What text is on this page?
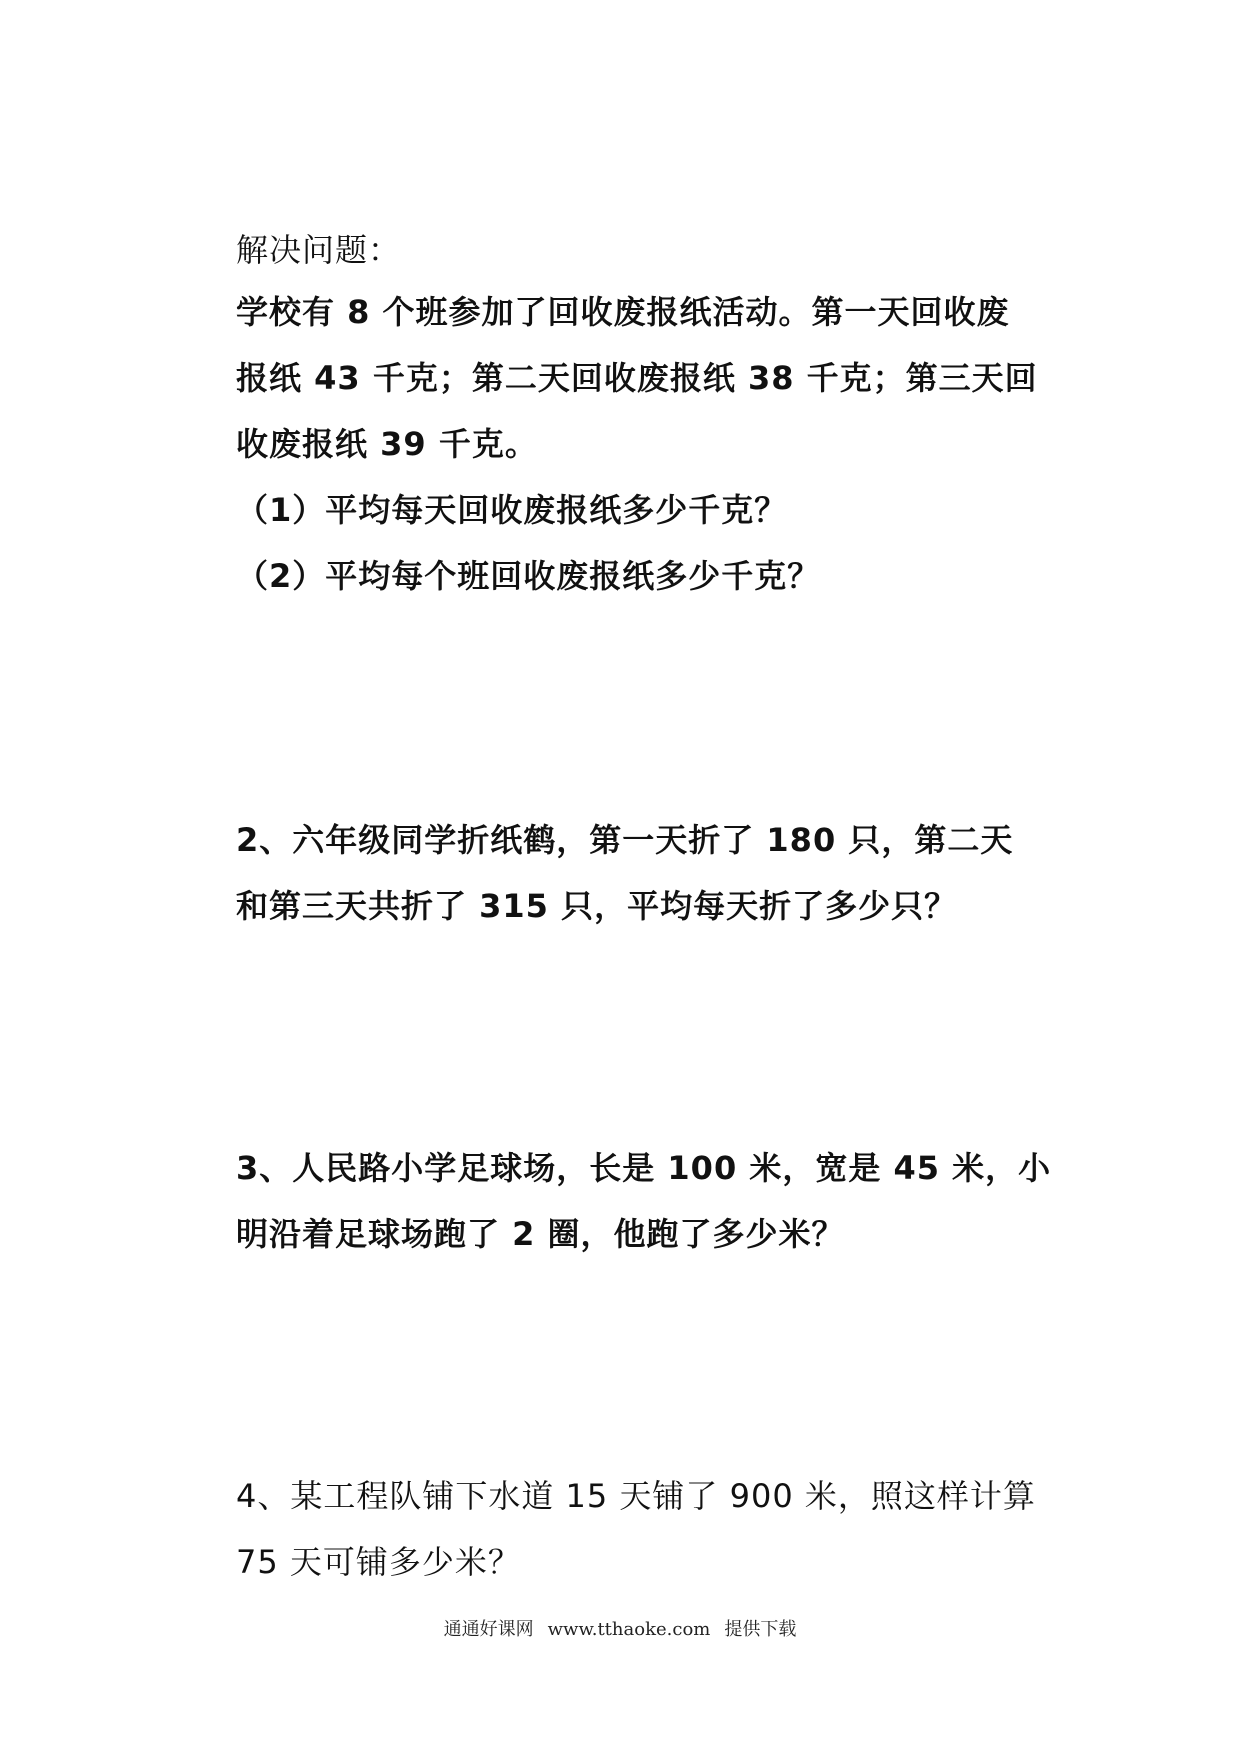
解决问题：
学校有 8 个班参加了回收废报纸活动。第一天回收废
报纸 43 千克；第二天回收废报纸 38 千克；第三天回
收废报纸 39 千克。
（1）平均每天回收废报纸多少千克？
（2）平均每个班回收废报纸多少千克？
2、六年级同学折纸鹤，第一天折了 180 只，第二天
和第三天共折了 315 只，平均每天折了多少只？
3、人民路小学足球场，长是 100 米，宽是 45 米，小
明沿着足球场跑了 2 圈，他跑了多少米？
4、某工程队铺下水道 15 天铺了 900 米，照这样计算
75 天可铺多少米？
通通好课网 www.tthaoke.com 提供下载
